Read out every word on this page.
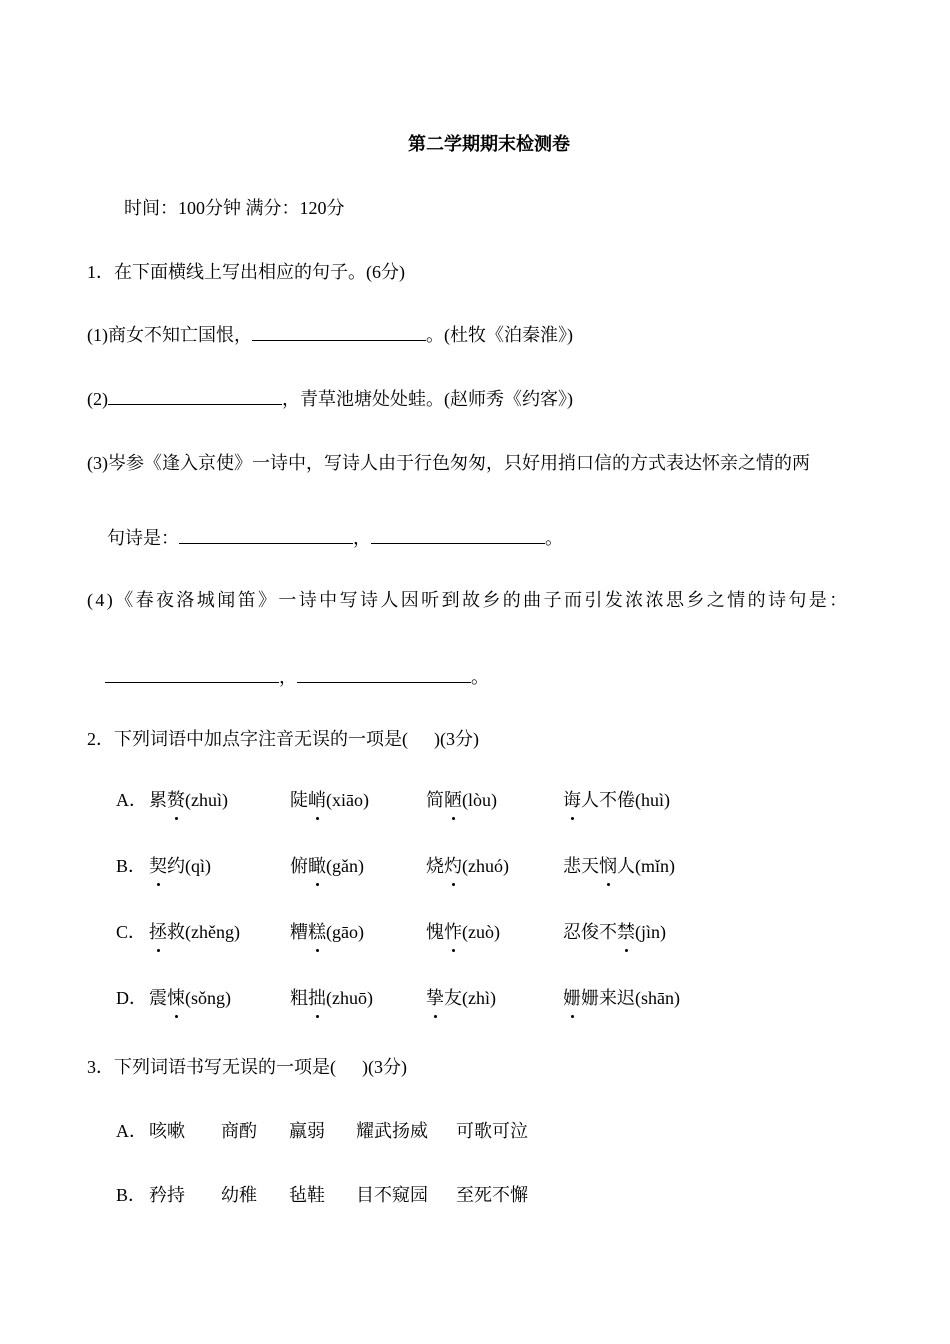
第二学期期末检测卷
时间：100分钟 满分：120分
1．在下面横线上写出相应的句子。(6分)
(1)商女不知亡国恨，	。(杜牧《泊秦淮》)
(2)	，青草池塘处处蛙。(赵师秀《约客》)
(3)岑参《逢入京使》一诗中，写诗人由于行色匆匆，只好用捎口信的方式表达怀亲之情的两
句诗是：	，	。
(4)《春夜洛城闻笛》一诗中写诗人因听到故乡的曲子而引发浓浓思乡之情的诗句是：
，	。
2．下列词语中加点字注音无误的一项是( )(3分)
A． 累赘(zhuì)	陡峭(xiāo)	简陋(lòu)	诲人不倦(huì)
B． 契约(qì)	俯瞰(gǎn)	烧灼(zhuó)	悲天悯人(mǐn)
C． 拯救(zhěng)	糟糕(gāo)	愧怍(zuò)	忍俊不禁(jìn)
D． 震悚(sǒng)	粗拙(zhuō)	挚友(zhì)	姗姗来迟(shān)
3．下列词语书写无误的一项是( )(3分)
A． 咳嗽 商酌 羸弱 耀武扬威 可歌可泣
B． 矜持 幼稚 毡鞋 目不窥园 至死不懈
